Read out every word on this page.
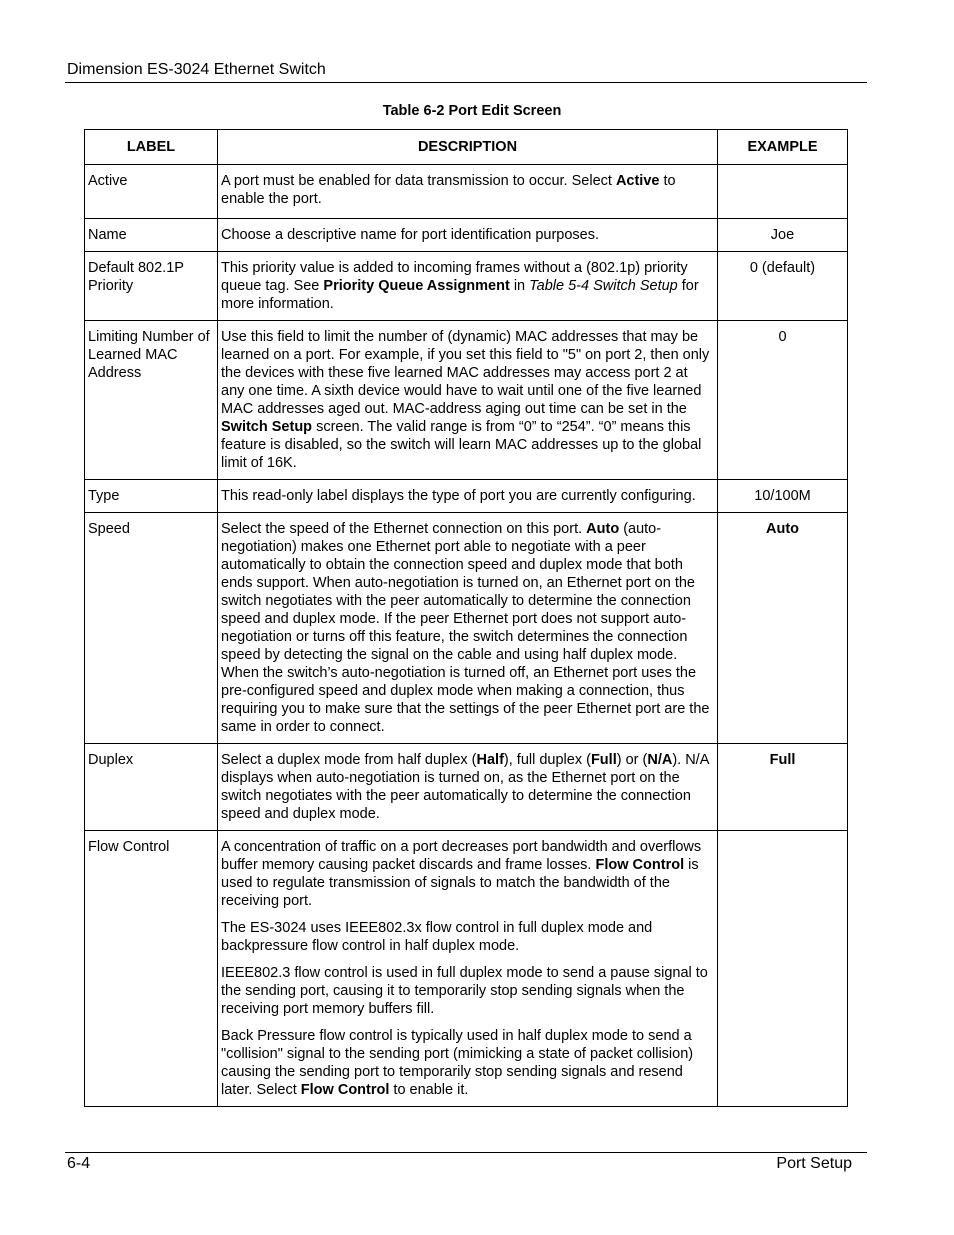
Dimension ES-3024 Ethernet Switch
Table 6-2 Port Edit Screen
LABEL	DESCRIPTION	EXAMPLE
Active	A port must be enabled for data transmission to occur. Select Active to enable the port.	
Name	Choose a descriptive name for port identification purposes.	Joe
Default 802.1P Priority	This priority value is added to incoming frames without a (802.1p) priority queue tag. See Priority Queue Assignment in Table 5-4 Switch Setup for more information.	0 (default)
Limiting Number of Learned MAC Address	Use this field to limit the number of (dynamic) MAC addresses that may be learned on a port. For example, if you set this field to "5" on port 2, then only the devices with these five learned MAC addresses may access port 2 at any one time. A sixth device would have to wait until one of the five learned MAC addresses aged out. MAC-address aging out time can be set in the Switch Setup screen. The valid range is from “0” to “254”. “0” means this feature is disabled, so the switch will learn MAC addresses up to the global limit of 16K.	0
Type	This read-only label displays the type of port you are currently configuring.	10/100M
Speed	Select the speed of the Ethernet connection on this port. Auto (auto-negotiation) makes one Ethernet port able to negotiate with a peer automatically to obtain the connection speed and duplex mode that both ends support. When auto-negotiation is turned on, an Ethernet port on the switch negotiates with the peer automatically to determine the connection speed and duplex mode. If the peer Ethernet port does not support auto-negotiation or turns off this feature, the switch determines the connection speed by detecting the signal on the cable and using half duplex mode. When the switch’s auto-negotiation is turned off, an Ethernet port uses the pre-configured speed and duplex mode when making a connection, thus requiring you to make sure that the settings of the peer Ethernet port are the same in order to connect.	Auto
Duplex	Select a duplex mode from half duplex (Half), full duplex (Full) or (N/A). N/A displays when auto-negotiation is turned on, as the Ethernet port on the switch negotiates with the peer automatically to determine the connection speed and duplex mode.	Full
Flow Control	A concentration of traffic on a port decreases port bandwidth and overflows buffer memory causing packet discards and frame losses. Flow Control is used to regulate transmission of signals to match the bandwidth of the receiving port.

The ES-3024 uses IEEE802.3x flow control in full duplex mode and backpressure flow control in half duplex mode.

IEEE802.3 flow control is used in full duplex mode to send a pause signal to the sending port, causing it to temporarily stop sending signals when the receiving port memory buffers fill.

Back Pressure flow control is typically used in half duplex mode to send a "collision" signal to the sending port (mimicking a state of packet collision) causing the sending port to temporarily stop sending signals and resend later. Select Flow Control to enable it.	

6-4	Port Setup
